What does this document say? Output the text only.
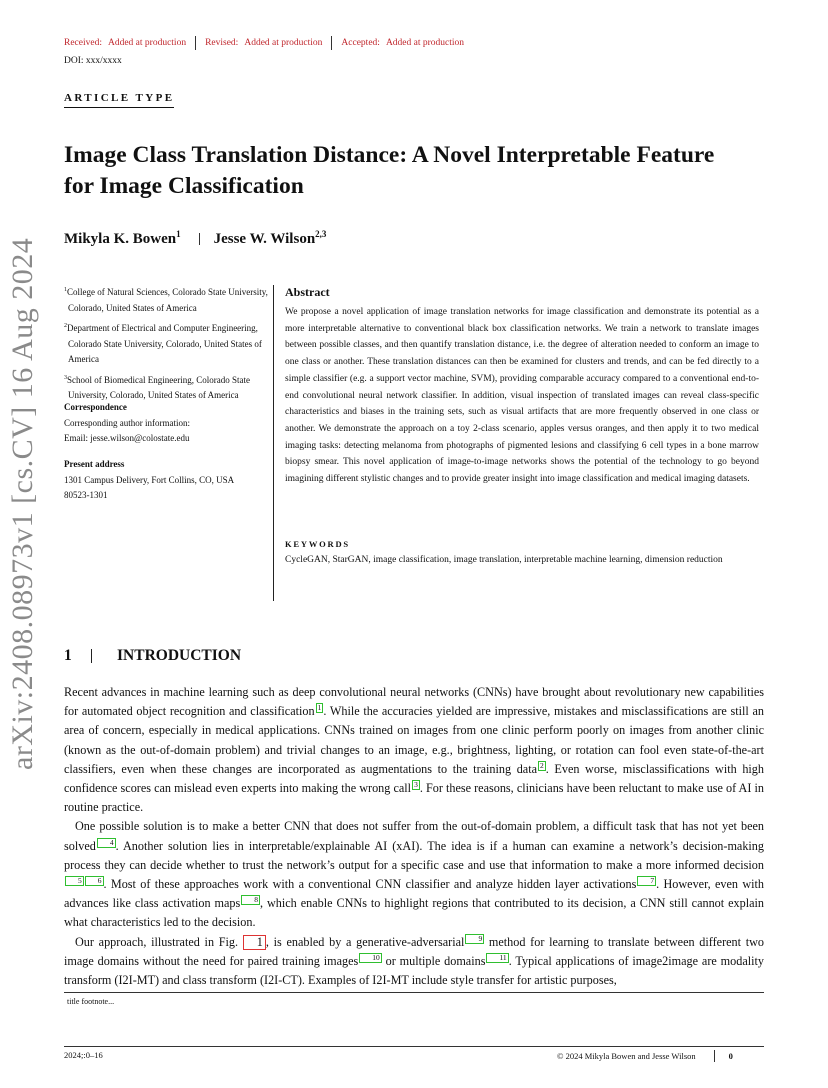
Received: Added at production Revised: Added at production Accepted: Added at production
DOI: xxx/xxxx
ARTICLE TYPE
Image Class Translation Distance: A Novel Interpretable Feature
for Image Classification
Mikyla K. Bowen$^1$ Jesse W. Wilson$^{2,3}$
$^1$College of Natural Sciences, Colorado State University, Colorado, United States of America
$^2$Department of Electrical and Computer Engineering, Colorado State University, Colorado, United States of America
$^3$School of Biomedical Engineering, Colorado State University, Colorado, United States of America
Correspondence
Corresponding author information:
Email: jesse.wilson@colostate.edu
Present address
1301 Campus Delivery, Fort Collins, CO, USA
80523-1301
Abstract
We propose a novel application of image translation networks for image classification and demonstrate its potential as a more interpretable alternative to conventional black box classification networks. We train a network to translate images between possible classes, and then quantify translation distance, i.e. the degree of alteration needed to conform an image to one class or another. These translation distances can then be examined for clusters and trends, and can be fed directly to a simple classifier (e.g. a support vector machine, SVM), providing comparable accuracy compared to a conventional end-to-end convolutional neural network classifier. In addition, visual inspection of translated images can reveal class-specific characteristics and biases in the training sets, such as visual artifacts that are more frequently observed in one class or another. We demonstrate the approach on a toy 2-class scenario, apples versus oranges, and then apply it to two medical imaging tasks: detecting melanoma from photographs of pigmented lesions and classifying 6 cell types in a bone marrow biopsy smear. This novel application of image-to-image networks shows the potential of the technology to go beyond imagining different stylistic changes and to provide greater insight into image classification and medical imaging datasets.
KEYWORDS
CycleGAN, StarGAN, image classification, image translation, interpretable machine learning, dimension reduction
arXiv:2408.08973v1 [cs.CV] 16 Aug 2024 1	INTRODUCTION

Recent advances in machine learning such as deep convolutional neural networks (CNNs) have brought about revolutionary new capabilities for automated object recognition and classification 1 . While the accuracies yielded are impressive, mistakes and misclassifications are still an area of concern, especially in medical applications. CNNs trained on images from one clinic perform poorly on images from another clinic (known as the out-of-domain problem) and trivial changes to an image, e.g., brightness, lighting, or rotation can fool even state-of-the-art classifiers, even when these changes are incorporated as augmentations to the training data 2 . Even worse, misclassifications with high confidence scores can mislead even experts into making the wrong call 3 . For these reasons, clinicians have been reluctant to make use of AI in routine practice.

One possible solution is to make a better CNN that does not suffer from the out-of-domain problem, a difficult task that has not yet been solved 4 . Another solution lies in interpretable/explainable AI (xAI). The idea is if a human can examine a network’s decision-making process they can decide whether to trust the network’s output for a specific case and use that information to make a more informed decision5 6 . Most of these approaches work with a conventional CNN classifier and analyze hidden layer activations 7 . However, even with advances like class activation maps 8 , which enable CNNs to highlight regions that contributed to its decision, a CNN still cannot explain what characteristics led to the decision.

Our approach, illustrated in Fig. 1 , is enabled by a generative-adversarial 9 method for learning to translate between different two image domains without the need for paired training images 10 or multiple domains 11 . Typical applications of image2image are modality transform (I2I-MT) and class transform (I2I-CT). Examples of I2I-MT include style transfer for artistic purposes,

title footnote...
2024;:0–16	© 2024 Mikyla Bowen and Jesse Wilson	0
